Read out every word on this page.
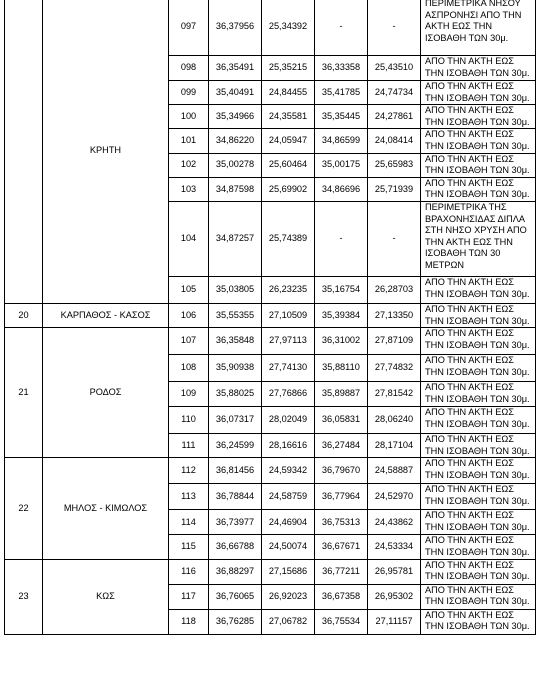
	ΚΡΗΤΗ	097	36,37956	25,34392	-	-	ΠΕΡΙΜΕΤΡΙΚΑ ΝΗΣΟΥ ΑΣΠΡΟΝΗΣΙ ΑΠΟ ΤΗΝ ΑΚΤΗ ΕΩΣ ΤΗΝ ΙΣΟΒΑΘΗ ΤΩΝ 30μ.
		098	36,35491	25,35215	36,33358	25,43510	ΑΠΟ ΤΗΝ ΑΚΤΗ ΕΩΣ ΤΗΝ ΙΣΟΒΑΘΗ ΤΩΝ 30μ.
		099	35,40491	24,84455	35,41785	24,74734	ΑΠΟ ΤΗΝ ΑΚΤΗ ΕΩΣ ΤΗΝ ΙΣΟΒΑΘΗ ΤΩΝ 30μ.
		100	35,34966	24,35581	35,35445	24,27861	ΑΠΟ ΤΗΝ ΑΚΤΗ ΕΩΣ ΤΗΝ ΙΣΟΒΑΘΗ ΤΩΝ 30μ.
		101	34,86220	24,05947	34,86599	24,08414	ΑΠΟ ΤΗΝ ΑΚΤΗ ΕΩΣ ΤΗΝ ΙΣΟΒΑΘΗ ΤΩΝ 30μ.
		102	35,00278	25,60464	35,00175	25,65983	ΑΠΟ ΤΗΝ ΑΚΤΗ ΕΩΣ ΤΗΝ ΙΣΟΒΑΘΗ ΤΩΝ 30μ.
		103	34,87598	25,69902	34,86696	25,71939	ΑΠΟ ΤΗΝ ΑΚΤΗ ΕΩΣ ΤΗΝ ΙΣΟΒΑΘΗ ΤΩΝ 30μ.
		104	34,87257	25,74389	-	-	ΠΕΡΙΜΕΤΡΙΚΑ ΤΗΣ ΒΡΑΧΟΝΗΣΙΔΑΣ ΔΙΠΛΑ ΣΤΗ ΝΗΣΟ ΧΡΥΣΗ ΑΠΟ ΤΗΝ ΑΚΤΗ ΕΩΣ ΤΗΝ ΙΣΟΒΑΘΗ ΤΩΝ 30 ΜΕΤΡΩΝ
		105	35,03805	26,23235	35,16754	26,28703	ΑΠΟ ΤΗΝ ΑΚΤΗ ΕΩΣ ΤΗΝ ΙΣΟΒΑΘΗ ΤΩΝ 30μ.
20	ΚΑΡΠΑΘΟΣ - ΚΑΣΟΣ	106	35,55355	27,10509	35,39384	27,13350	ΑΠΟ ΤΗΝ ΑΚΤΗ ΕΩΣ ΤΗΝ ΙΣΟΒΑΘΗ ΤΩΝ 30μ.
21	ΡΟΔΟΣ	107	36,35848	27,97113	36,31002	27,87109	ΑΠΟ ΤΗΝ ΑΚΤΗ ΕΩΣ ΤΗΝ ΙΣΟΒΑΘΗ ΤΩΝ 30μ.
		108	35,90938	27,74130	35,88110	27,74832	ΑΠΟ ΤΗΝ ΑΚΤΗ ΕΩΣ ΤΗΝ ΙΣΟΒΑΘΗ ΤΩΝ 30μ.
		109	35,88025	27,76866	35,89887	27,81542	ΑΠΟ ΤΗΝ ΑΚΤΗ ΕΩΣ ΤΗΝ ΙΣΟΒΑΘΗ ΤΩΝ 30μ.
		110	36,07317	28,02049	36,05831	28,06240	ΑΠΟ ΤΗΝ ΑΚΤΗ ΕΩΣ ΤΗΝ ΙΣΟΒΑΘΗ ΤΩΝ 30μ.
		111	36,24599	28,16616	36,27484	28,17104	ΑΠΟ ΤΗΝ ΑΚΤΗ ΕΩΣ ΤΗΝ ΙΣΟΒΑΘΗ ΤΩΝ 30μ.
22	ΜΗΛΟΣ - ΚΙΜΩΛΟΣ	112	36,81456	24,59342	36,79670	24,58887	ΑΠΟ ΤΗΝ ΑΚΤΗ ΕΩΣ ΤΗΝ ΙΣΟΒΑΘΗ ΤΩΝ 30μ.
		113	36,78844	24,58759	36,77964	24,52970	ΑΠΟ ΤΗΝ ΑΚΤΗ ΕΩΣ ΤΗΝ ΙΣΟΒΑΘΗ ΤΩΝ 30μ.
		114	36,73977	24,46904	36,75313	24,43862	ΑΠΟ ΤΗΝ ΑΚΤΗ ΕΩΣ ΤΗΝ ΙΣΟΒΑΘΗ ΤΩΝ 30μ.
		115	36,66788	24,50074	36,67671	24,53334	ΑΠΟ ΤΗΝ ΑΚΤΗ ΕΩΣ ΤΗΝ ΙΣΟΒΑΘΗ ΤΩΝ 30μ.
23	ΚΩΣ	116	36,88297	27,15686	36,77211	26,95781	ΑΠΟ ΤΗΝ ΑΚΤΗ ΕΩΣ ΤΗΝ ΙΣΟΒΑΘΗ ΤΩΝ 30μ.
		117	36,76065	26,92023	36,67358	26,95302	ΑΠΟ ΤΗΝ ΑΚΤΗ ΕΩΣ ΤΗΝ ΙΣΟΒΑΘΗ ΤΩΝ 30μ.
		118	36,76285	27,06782	36,75534	27,11157	ΑΠΟ ΤΗΝ ΑΚΤΗ ΕΩΣ ΤΗΝ ΙΣΟΒΑΘΗ ΤΩΝ 30μ.
